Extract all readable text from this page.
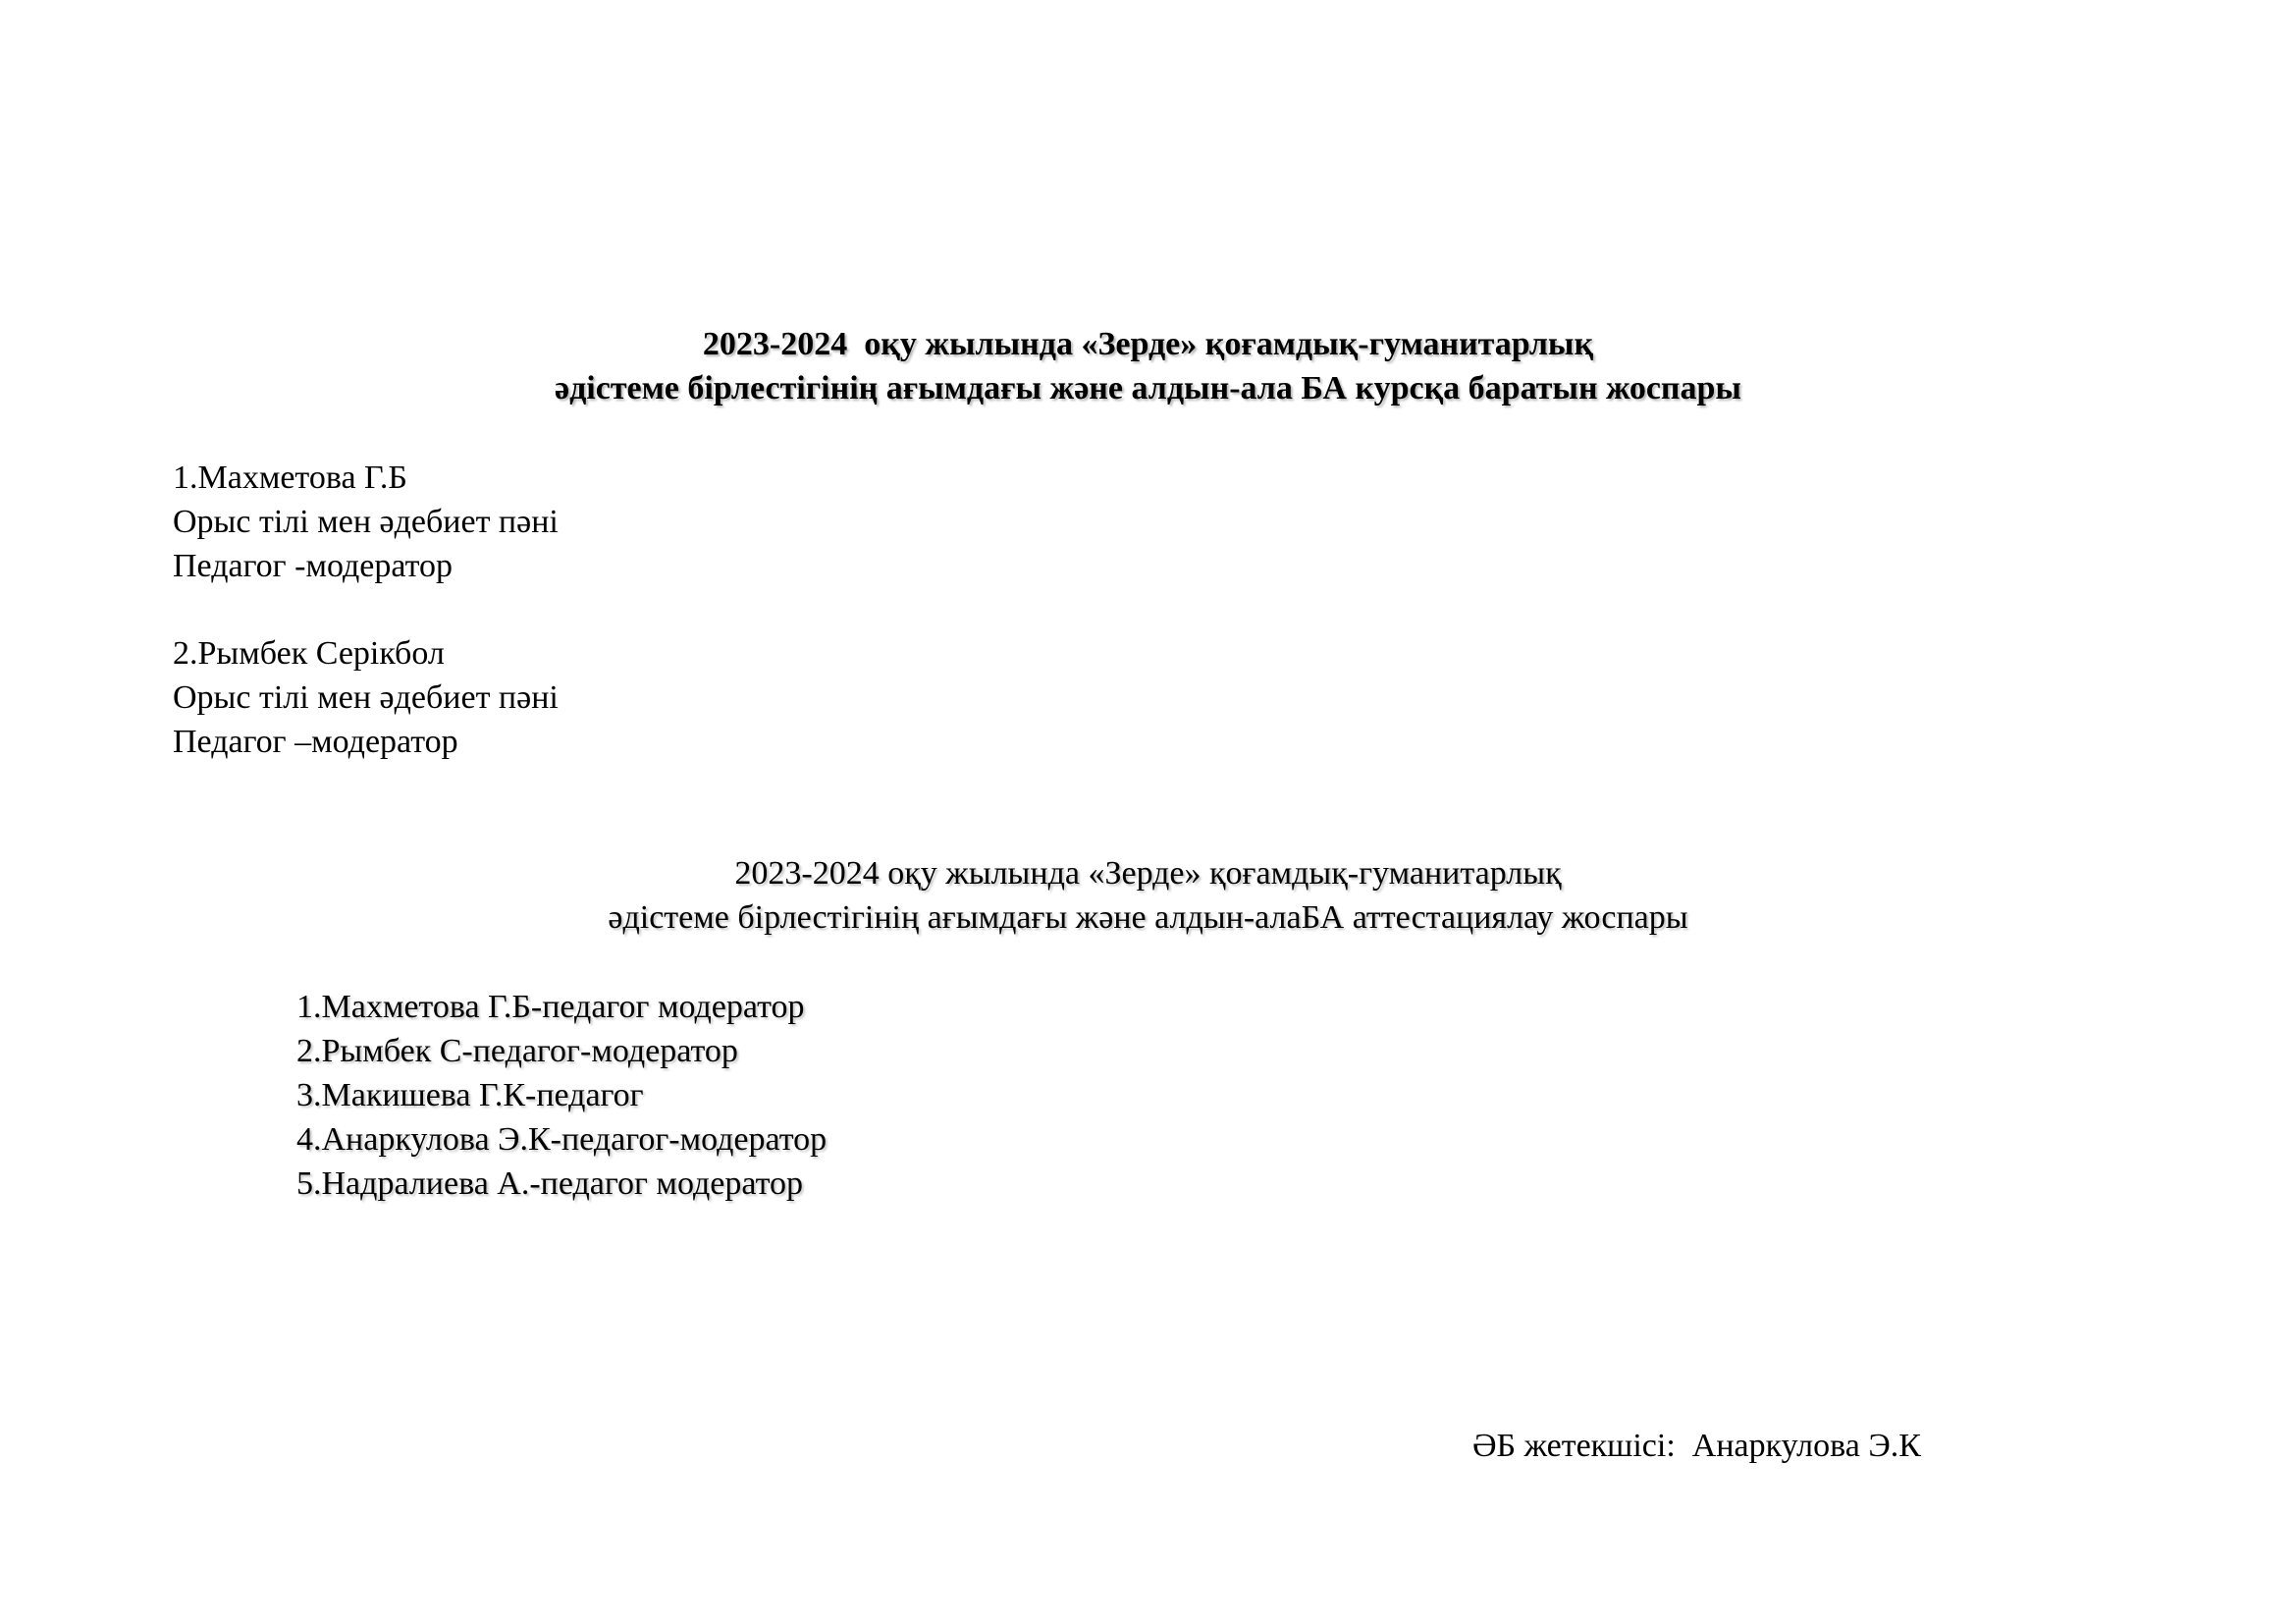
2023-2024  оқу жылында «Зерде» қоғамдық-гуманитарлық
әдістеме бірлестігінің ағымдағы және алдын-ала БА курсқа баратын жоспары
1.Махметова Г.Б
Орыс тілі мен әдебиет пәні
Педагог -модератор
2.Рымбек Серікбол
Орыс тілі мен әдебиет пәні
Педагог –модератор
2023-2024 оқу жылында «Зерде» қоғамдық-гуманитарлық
әдістеме бірлестігінің ағымдағы және алдын-алаБА аттестациялау жоспары
1.Махметова Г.Б-педагог модератор
2.Рымбек С-педагог-модератор
3.Макишева Г.К-педагог
4.Анаркулова Э.К-педагог-модератор
5.Надралиева А.-педагог модератор
ӘБ жетекшісі:  Анаркулова Э.К
